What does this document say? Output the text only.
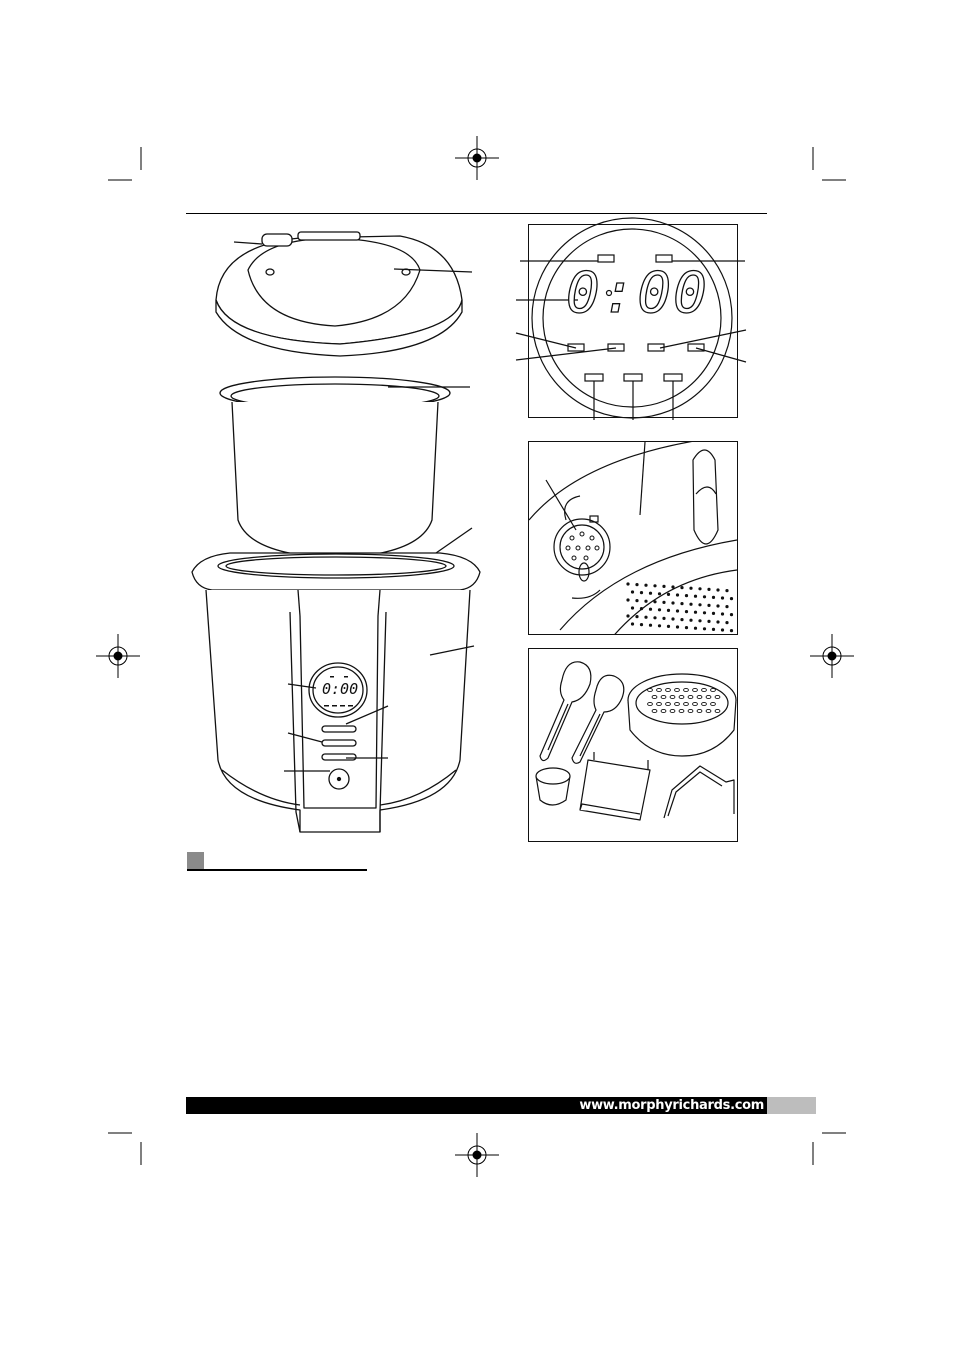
0:00
0:00
www.morphyrichards.com
